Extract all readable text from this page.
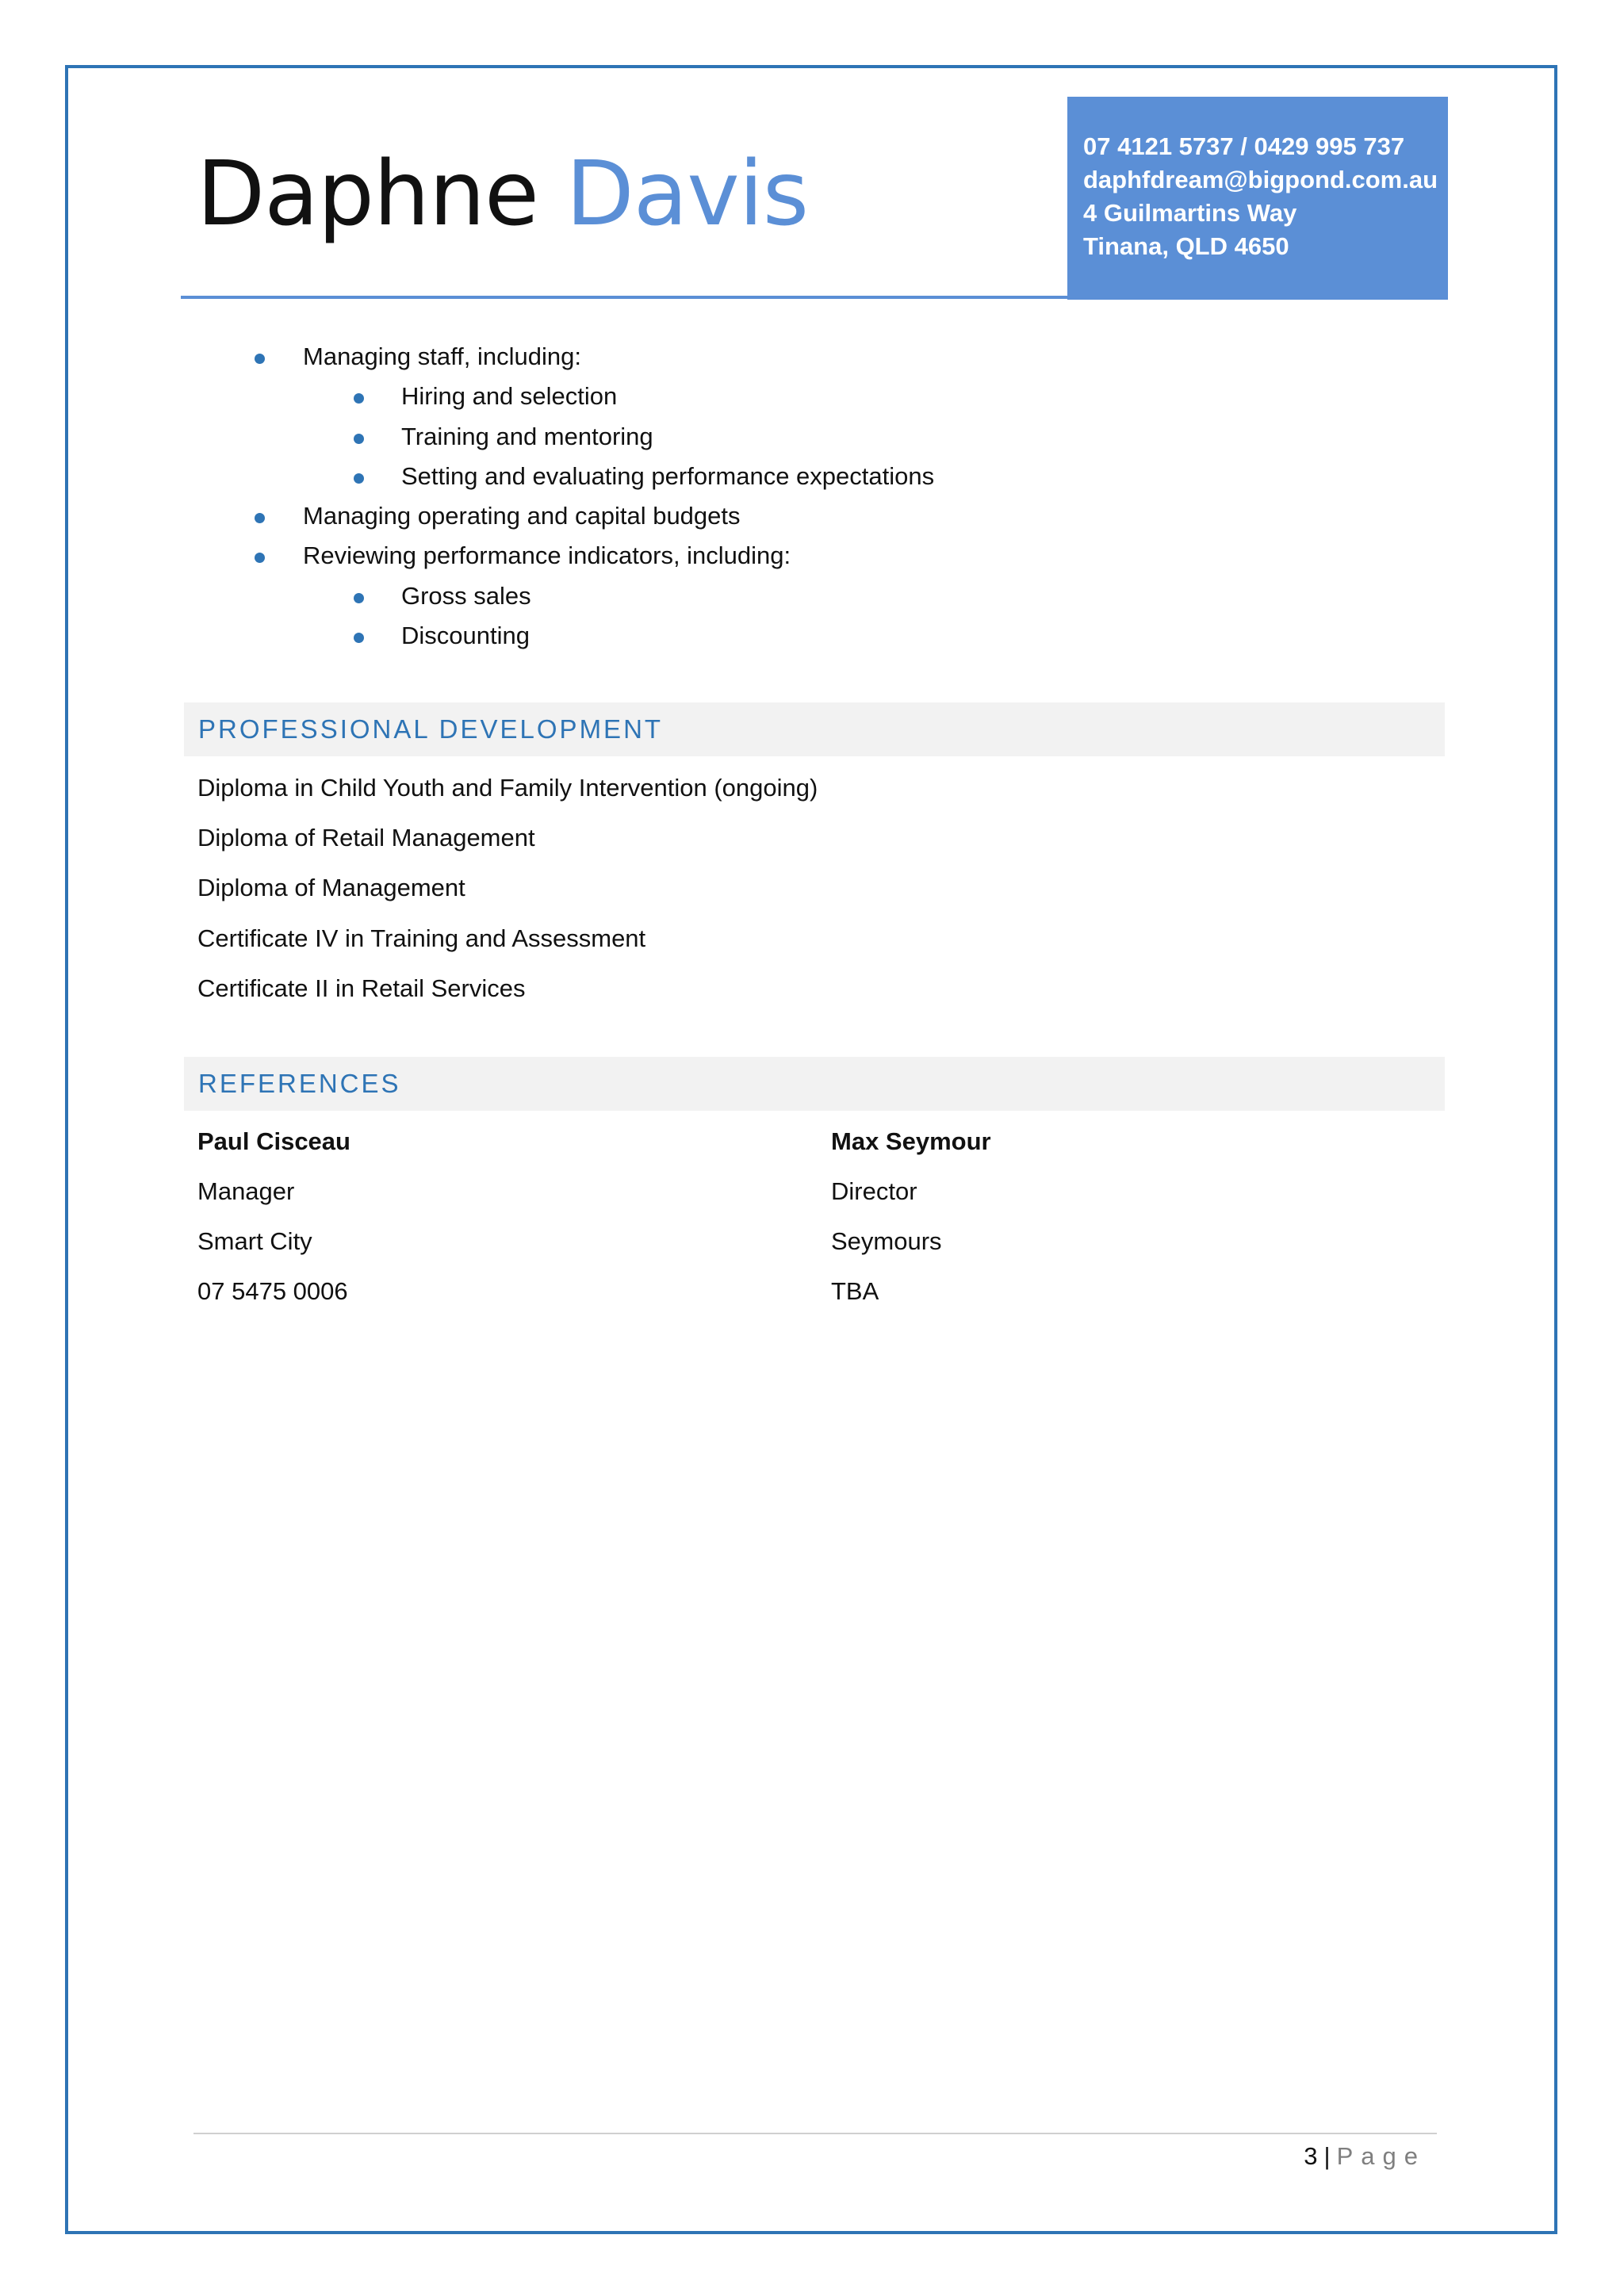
Daphne Davis	07 4121 5737 / 0429 995 737
daphfdream@bigpond.com.au
4 Guilmartins Way
Tinana, QLD 4650
Managing staff, including:
Hiring and selection
Training and mentoring
Setting and evaluating performance expectations
Managing operating and capital budgets
Reviewing performance indicators, including:
Gross sales
Discounting
PROFESSIONAL DEVELOPMENT
Diploma in Child Youth and Family Intervention (ongoing)
Diploma of Retail Management
Diploma of Management
Certificate IV in Training and Assessment
Certificate II in Retail Services
REFERENCES
Paul Cisceau
Manager
Smart City
07 5475 0006
Max Seymour
Director
Seymours
TBA
3 | Page
